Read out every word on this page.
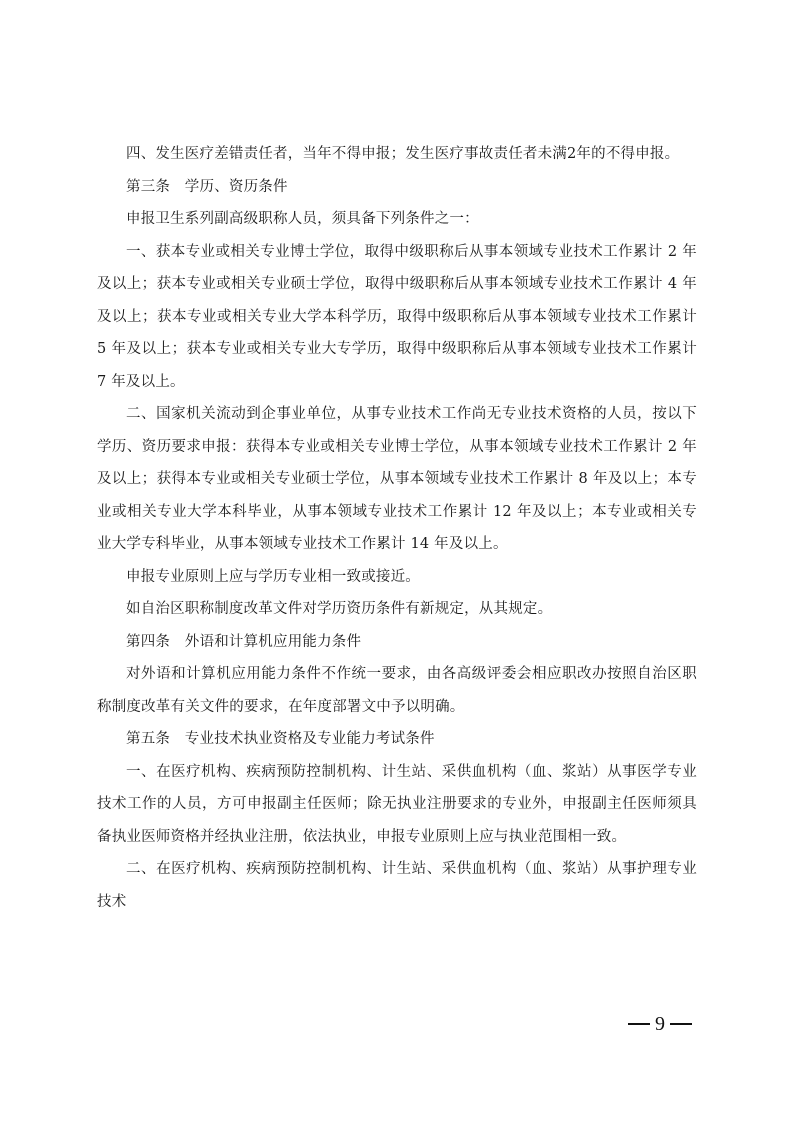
四、发生医疗差错责任者，当年不得申报；发生医疗事故责任者未满2年的不得申报。

第三条　学历、资历条件

申报卫生系列副高级职称人员，须具备下列条件之一：

一、获本专业或相关专业博士学位，取得中级职称后从事本领域专业技术工作累计 2 年及以上；获本专业或相关专业硕士学位，取得中级职称后从事本领域专业技术工作累计 4 年及以上；获本专业或相关专业大学本科学历，取得中级职称后从事本领域专业技术工作累计 5 年及以上；获本专业或相关专业大专学历，取得中级职称后从事本领域专业技术工作累计 7 年及以上。

二、国家机关流动到企事业单位，从事专业技术工作尚无专业技术资格的人员，按以下学历、资历要求申报：获得本专业或相关专业博士学位，从事本领域专业技术工作累计 2 年及以上；获得本专业或相关专业硕士学位，从事本领域专业技术工作累计 8 年及以上；本专业或相关专业大学本科毕业，从事本领域专业技术工作累计 12 年及以上；本专业或相关专业大学专科毕业，从事本领域专业技术工作累计 14 年及以上。

申报专业原则上应与学历专业相一致或接近。

如自治区职称制度改革文件对学历资历条件有新规定，从其规定。

第四条　外语和计算机应用能力条件

对外语和计算机应用能力条件不作统一要求，由各高级评委会相应职改办按照自治区职称制度改革有关文件的要求，在年度部署文中予以明确。

第五条　专业技术执业资格及专业能力考试条件

一、在医疗机构、疾病预防控制机构、计生站、采供血机构（血、浆站）从事医学专业技术工作的人员，方可申报副主任医师；除无执业注册要求的专业外，申报副主任医师须具备执业医师资格并经执业注册，依法执业，申报专业原则上应与执业范围相一致。

二、在医疗机构、疾病预防控制机构、计生站、采供血机构（血、浆站）从事护理专业技术

9
